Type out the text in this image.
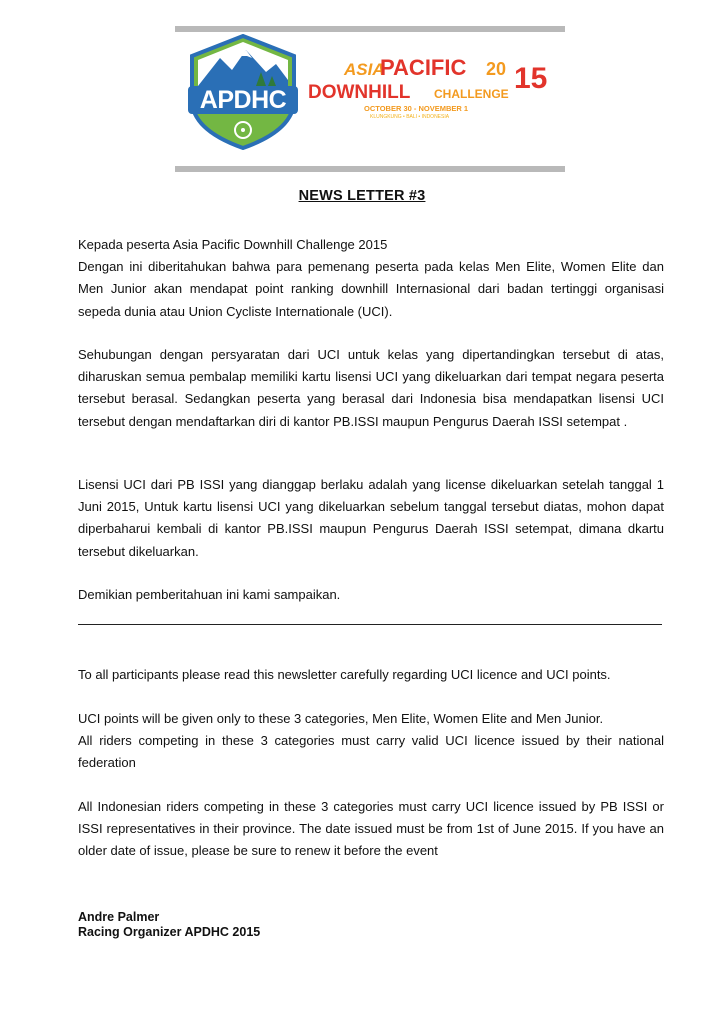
APDHC
ASIA
PACIFIC 20 15
DOWNHILL CHALLENGE
OCTOBER 30 - NOVEMBER 1
KLUNGKUNG • BALI • INDONESIA
NEWS LETTER #3

Kepada peserta Asia Pacific Downhill Challenge 2015
Dengan ini diberitahukan bahwa para pemenang peserta pada kelas Men Elite, Women Elite dan Men Junior akan mendapat point ranking downhill Internasional dari badan tertinggi organisasi sepeda dunia atau Union Cycliste Internationale (UCI).

Sehubungan dengan persyaratan dari UCI untuk kelas yang dipertandingkan tersebut di atas, diharuskan semua pembalap memiliki kartu lisensi UCI yang dikeluarkan dari tempat negara peserta tersebut berasal. Sedangkan peserta yang berasal dari Indonesia bisa mendapatkan lisensi UCI tersebut dengan mendaftarkan diri di kantor PB.ISSI maupun Pengurus Daerah ISSI setempat .

Lisensi UCI dari PB ISSI yang dianggap berlaku adalah yang license dikeluarkan setelah tanggal 1 Juni 2015, Untuk kartu lisensi UCI yang dikeluarkan sebelum tanggal tersebut diatas, mohon dapat diperbaharui kembali di kantor PB.ISSI maupun Pengurus Daerah ISSI setempat, dimana dkartu tersebut dikeluarkan.

Demikian pemberitahuan ini kami sampaikan.

To all participants please read this newsletter carefully regarding UCI licence and UCI points.

UCI points will be given only to these 3 categories, Men Elite, Women Elite and Men Junior.
All riders competing in these 3 categories must carry valid UCI licence issued by their national federation

All Indonesian riders competing in these 3 categories must carry UCI licence issued by PB ISSI or ISSI representatives in their province. The date issued must be from 1st of June 2015. If you have an older date of issue, please be sure to renew it before the event

Andre Palmer
Racing Organizer APDHC 2015
